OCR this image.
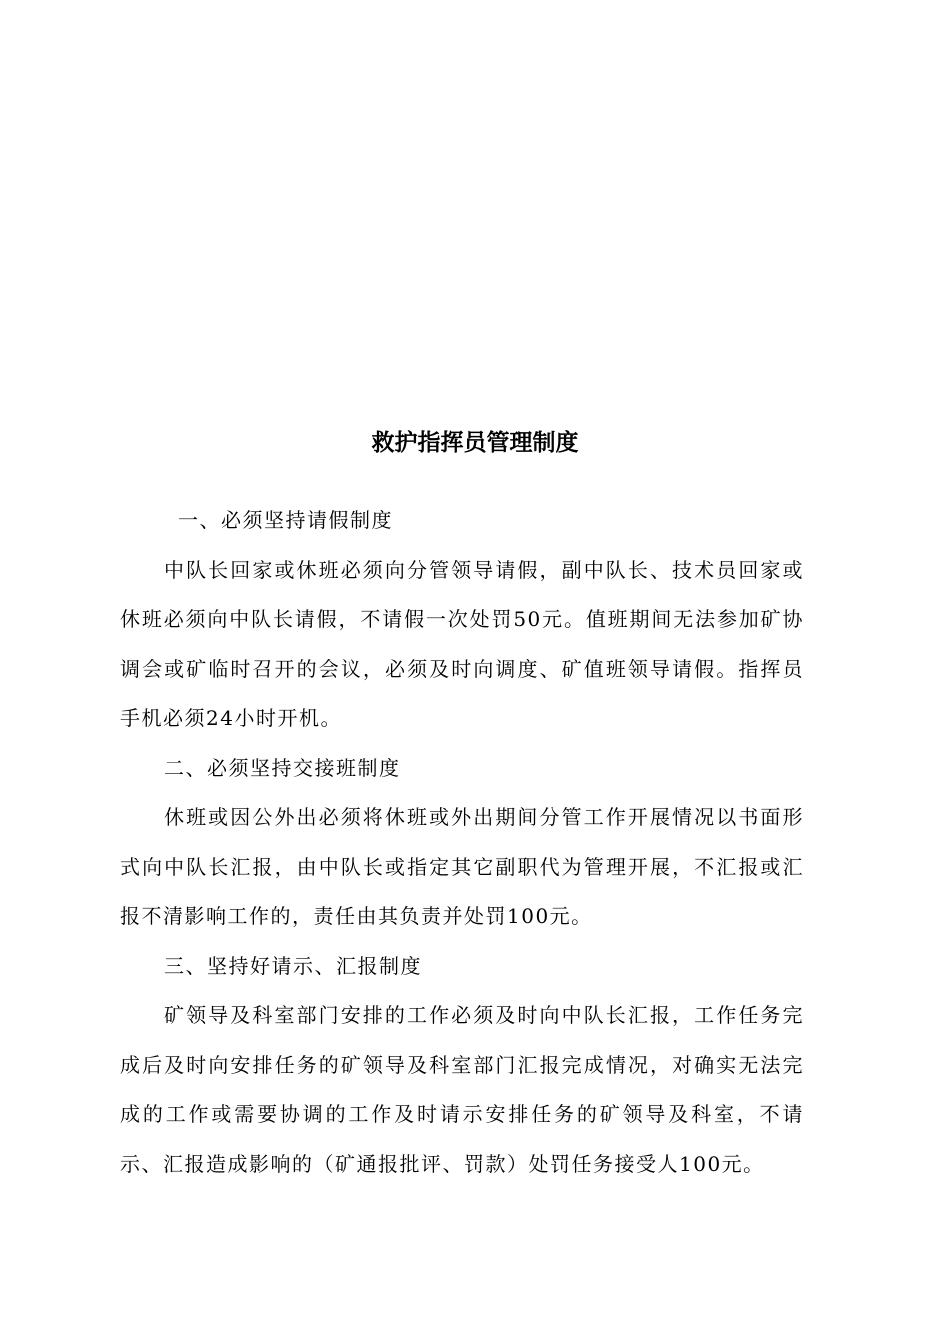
救护指挥员管理制度

一、必须坚持请假制度

中队长回家或休班必须向分管领导请假，副中队长、技术员回家或休班必须向中队长请假，不请假一次处罚50元。值班期间无法参加矿协调会或矿临时召开的会议，必须及时向调度、矿值班领导请假。指挥员手机必须24小时开机。

二、必须坚持交接班制度

休班或因公外出必须将休班或外出期间分管工作开展情况以书面形式向中队长汇报，由中队长或指定其它副职代为管理开展，不汇报或汇报不清影响工作的，责任由其负责并处罚100元。

三、坚持好请示、汇报制度

矿领导及科室部门安排的工作必须及时向中队长汇报，工作任务完成后及时向安排任务的矿领导及科室部门汇报完成情况，对确实无法完成的工作或需要协调的工作及时请示安排任务的矿领导及科室，不请示、汇报造成影响的（矿通报批评、罚款）处罚任务接受人100元。
